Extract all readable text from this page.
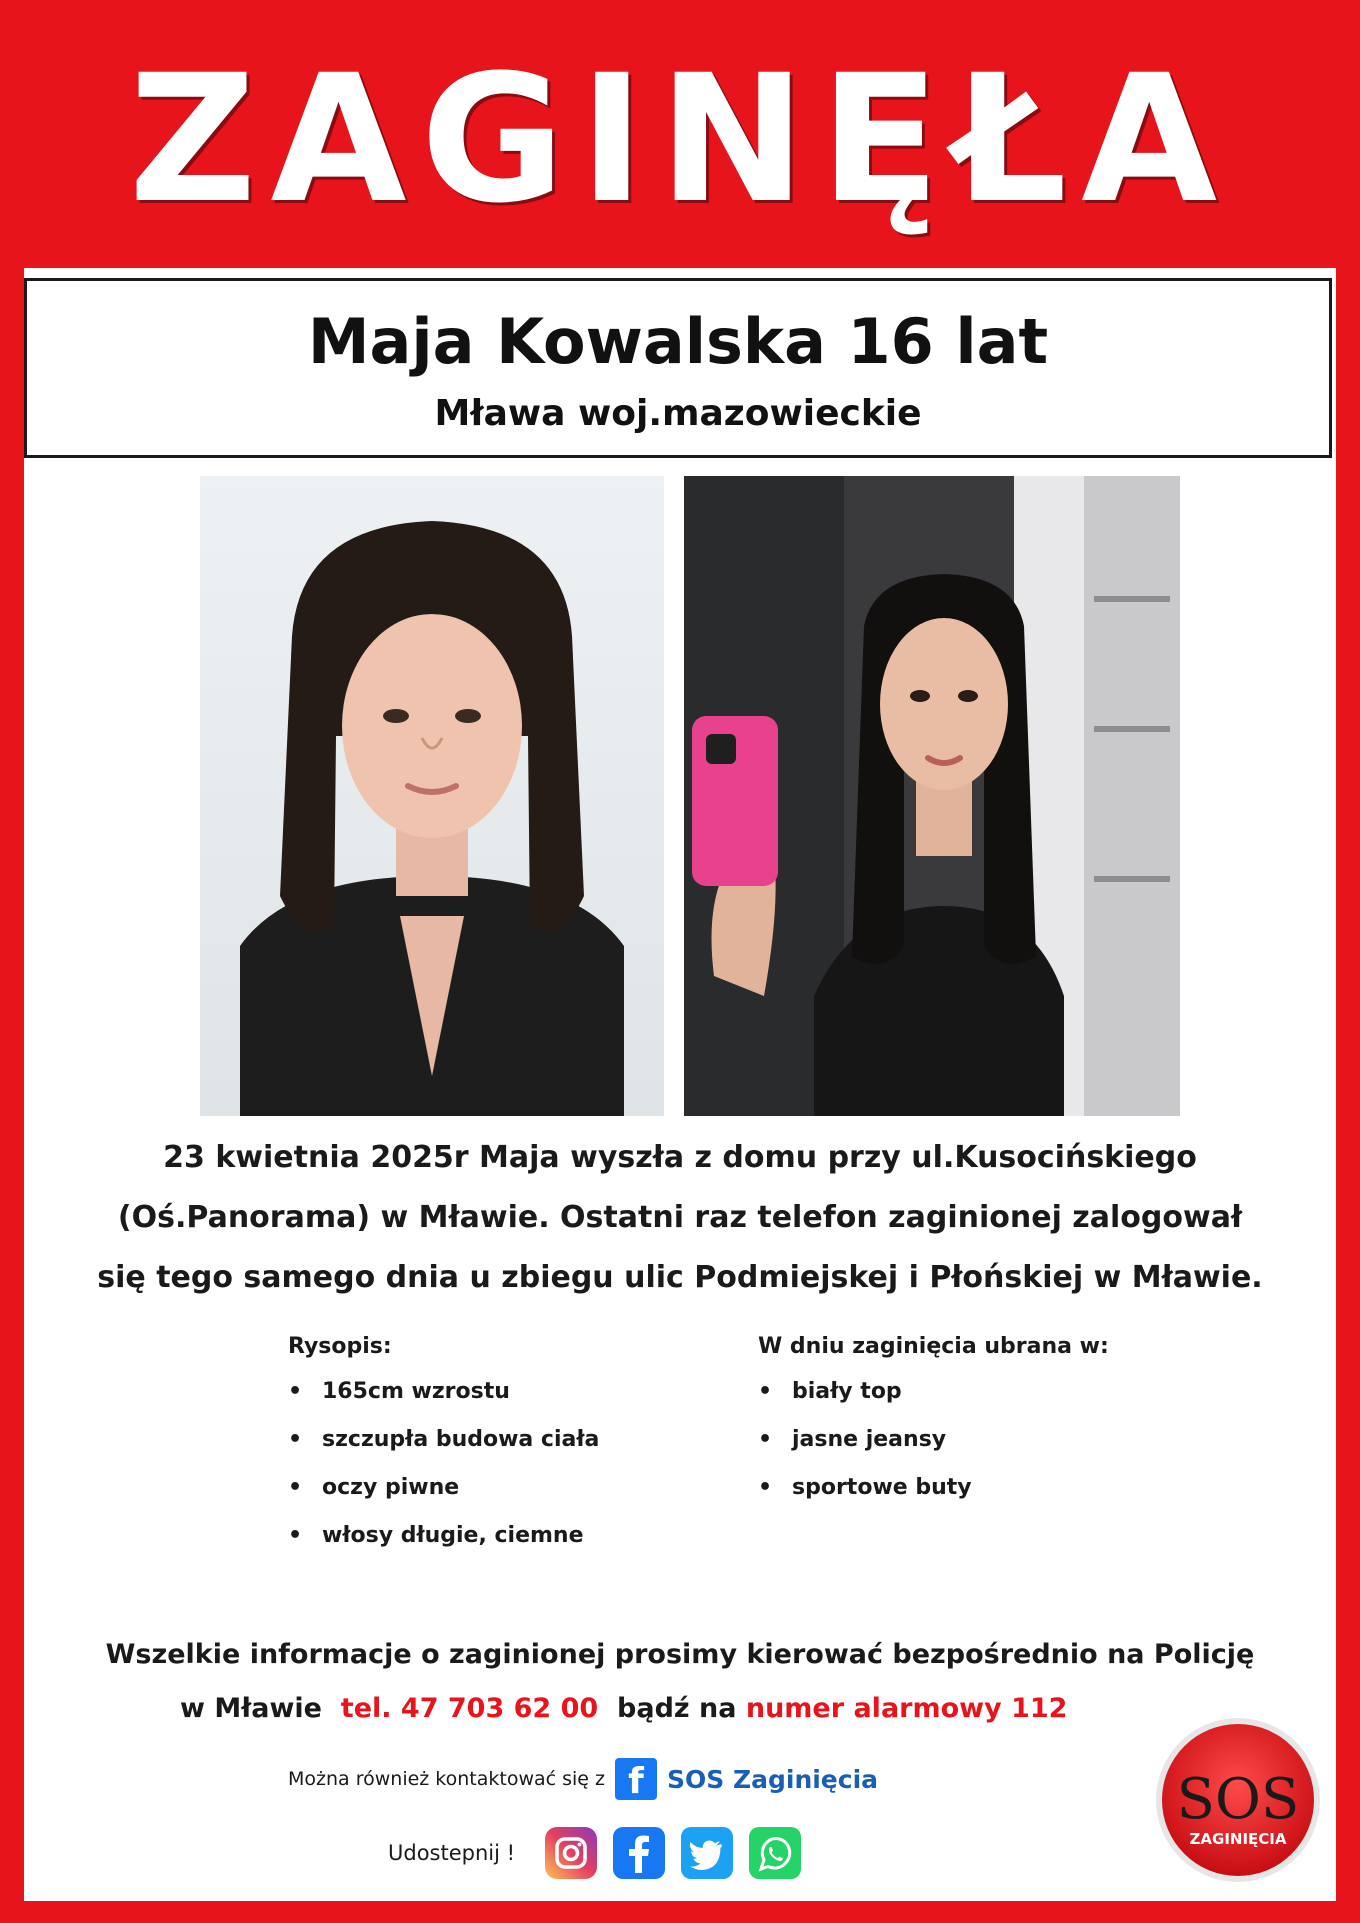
ZAGINĘŁA
Maja Kowalska 16 lat
Mława woj.mazowieckie
23 kwietnia 2025r Maja wyszła z domu przy ul.Kusocińskiego
(Oś.Panorama) w Mławie. Ostatni raz telefon zaginionej zalogował
się tego samego dnia u zbiegu ulic Podmiejskej i Płońskiej w Mławie.
Rysopis:
• 165cm wzrostu
• szczupła budowa ciała
• oczy piwne
• włosy długie, ciemne
W dniu zaginięcia ubrana w:
• biały top
• jasne jeansy
• sportowe buty
Wszelkie informacje o zaginionej prosimy kierować bezpośrednio na Policję
w Mławie tel. 47 703 62 00 bądź na numer alarmowy 112
Można również kontaktować się z f SOS Zaginięcia
Udostepnij !
SOS
ZAGINIĘCIA
